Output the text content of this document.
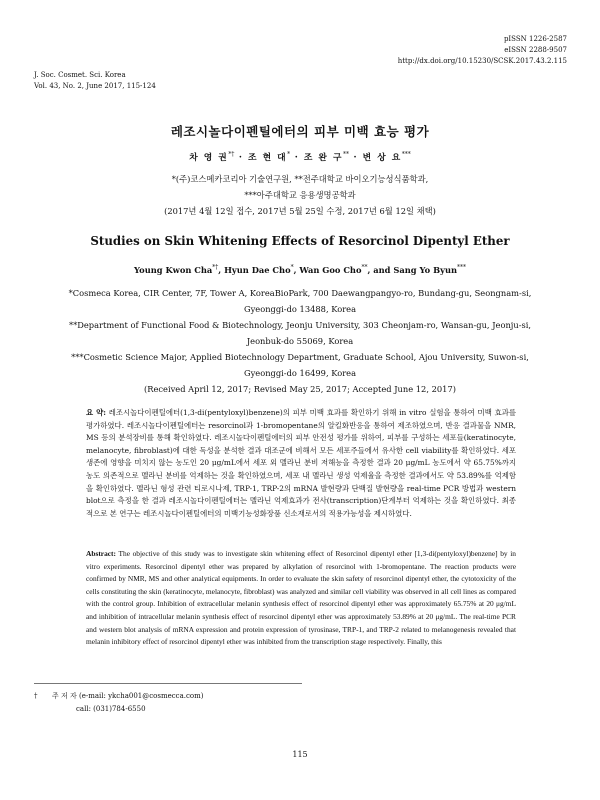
J. Soc. Cosmet. Sci. Korea
Vol. 43, No. 2, June 2017, 115-124
pISSN 1226-2587
eISSN 2288-9507
http://dx.doi.org/10.15230/SCSK.2017.43.2.115
레조시놀다이펜틸에터의 피부 미백 효능 평가
차 영 권*† · 조 현 대* · 조 완 구** · 변 상 요***
*(주)코스메카코리아 기술연구원, **전주대학교 바이오기능성식품학과,
***아주대학교 응용생명공학과
(2017년 4월 12일 접수, 2017년 5월 25일 수정, 2017년 6월 12일 채택)
Studies on Skin Whitening Effects of Resorcinol Dipentyl Ether
Young Kwon Cha*†, Hyun Dae Cho*, Wan Goo Cho**, and Sang Yo Byun***
*Cosmeca Korea, CIR Center, 7F, Tower A, KoreaBioPark, 700 Daewangpangyo-ro, Bundang-gu, Seongnam-si, Gyeonggi-do 13488, Korea
**Department of Functional Food & Biotechnology, Jeonju University, 303 Cheonjam-ro, Wansan-gu, Jeonju-si, Jeonbuk-do 55069, Korea
***Cosmetic Science Major, Applied Biotechnology Department, Graduate School, Ajou University, Suwon-si, Gyeonggi-do 16499, Korea
(Received April 12, 2017; Revised May 25, 2017; Accepted June 12, 2017)
요 약: 레조시놀다이펜틸에터(1,3-di(pentyloxyl)benzene)의 피부 미백 효과를 확인하기 위해 in vitro 실험을 통하여 미백 효과를 평가하였다. 레조시놀다이펜틸에터는 resorcinol과 1-bromopentane의 알킬화반응을 통하여 제조하였으며, 반응 결과물을 NMR, MS 등의 분석장비를 통해 확인하였다. 레조시놀다이펜틸에터의 피부 안전성 평가를 위하여, 피부를 구성하는 세포들(keratinocyte, melanocyte, fibroblast)에 대한 독성을 분석한 결과 대조군에 비해서 모든 세포주들에서 유사한 cell viability를 확인하였다. 세포생존에 영향을 미치지 않는 농도인 20 μg/mL에서 세포 외 멜라닌 분비 저해능을 측정한 결과 20 μg/mL 농도에서 약 65.75%까지 농도 의존적으로 멜라닌 분비를 억제하는 것을 확인하였으며, 세포 내 멜라닌 생성 억제율을 측정한 결과에서도 약 53.89%를 억제함을 확인하였다. 멜라닌 형성 관련 티로시나제, TRP-1, TRP-2의 mRNA 발현량과 단백질 발현량을 real-time PCR 방법과 western blot으로 측정을 한 결과 레조시놀다이펜틸에터는 멜라닌 억제효과가 전사(transcription)단계부터 억제하는 것을 확인하였다. 최종적으로 본 연구는 레조시놀다이펜틸에터의 미백기능성화장품 신소재로서의 적용가능성을 제시하였다.
Abstract: The objective of this study was to investigate skin whitening effect of Resorcinol dipentyl ether [1,3-di(pentyloxyl)benzene] by in vitro experiments. Resorcinol dipentyl ether was prepared by alkylation of resorcinol with 1-bromopentane. The reaction products were confirmed by NMR, MS and other analytical equipments. In order to evaluate the skin safety of resorcinol dipentyl ether, the cytotoxicity of the cells constituting the skin (keratinocyte, melanocyte, fibroblast) was analyzed and similar cell viability was observed in all cell lines as compared with the control group. Inhibition of extracellular melanin synthesis effect of resorcinol dipentyl ether was approximately 65.75% at 20 μg/mL and inhibition of intracellular melanin synthesis effect of resorcinol dipentyl ether was approximately 53.89% at 20 μg/mL. The real-time PCR and western blot analysis of mRNA expression and protein expression of tyrosinase, TRP-1, and TRP-2 related to melanogenesis revealed that melanin inhibitory effect of resorcinol dipentyl ether was inhibited from the transcription stage respectively. Finally, this
† 주 저 자 (e-mail: ykcha001@cosmecca.com)
call: (031)784-6550
115
